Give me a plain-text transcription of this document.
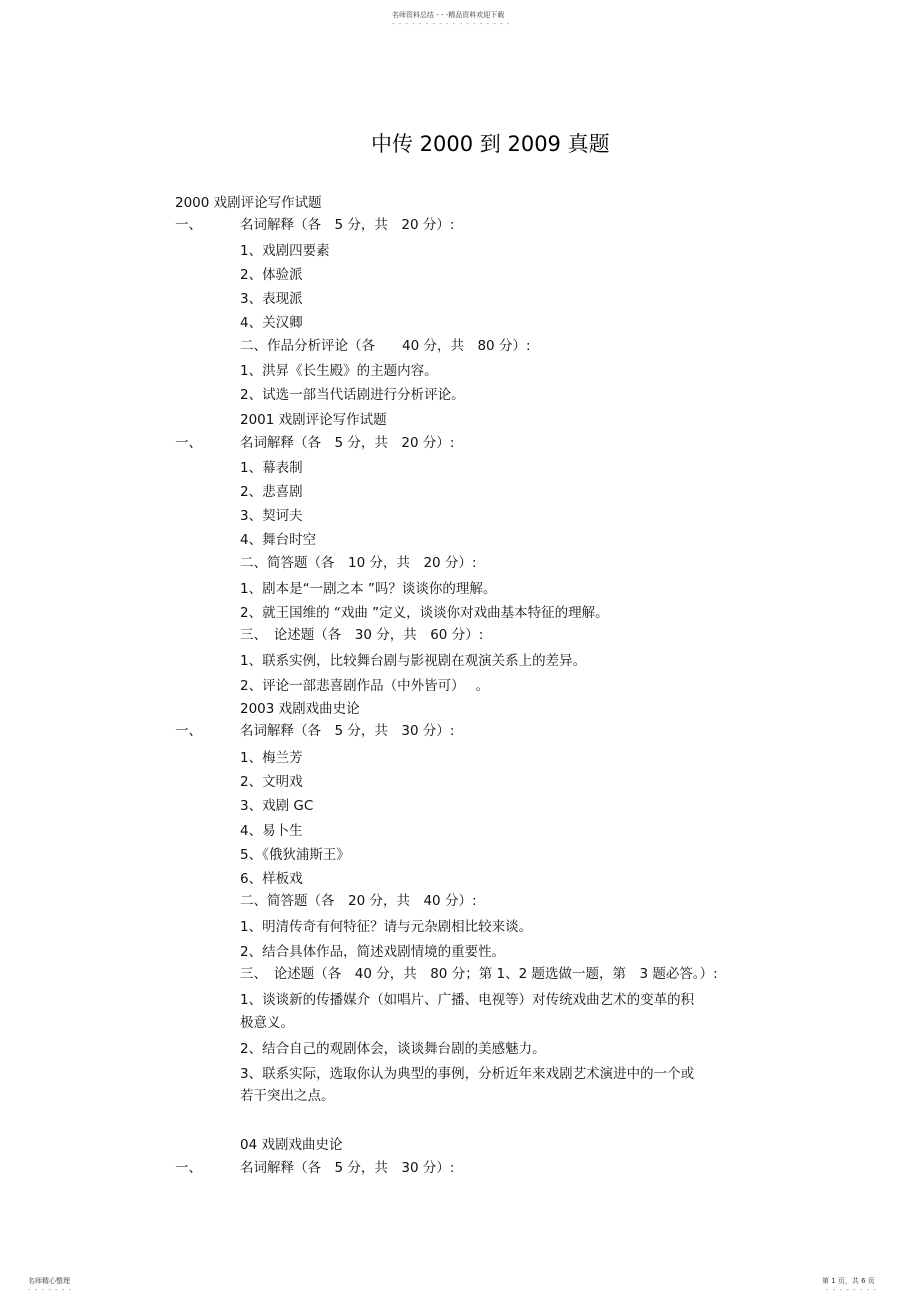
名师资料总结 - - -精品资料欢迎下载
- - - - - - - - - - - - - - - - - -
中传 2000 到 2009 真题
2000 戏剧评论写作试题
一、	名词解释（各　5 分，共　20 分）:
1、戏剧四要素
2、体验派
3、表现派
4、关汉卿
二、作品分析评论（各　　40 分，共　80 分）:
1、洪昇《长生殿》的主题内容。
2、试选一部当代话剧进行分析评论。
2001 戏剧评论写作试题
一、	名词解释（各　5 分，共　20 分）:
1、幕表制
2、悲喜剧
3、契诃夫
4、舞台时空
二、简答题（各　10 分，共　20 分）:
1、剧本是“一剧之本 ”吗？谈谈你的理解。
2、就王国维的 “戏曲 ”定义，谈谈你对戏曲基本特征的理解。
三、　论述题（各　30 分，共　60 分）:
1、联系实例，比较舞台剧与影视剧在观演关系上的差异。
2、评论一部悲喜剧作品（中外皆可）　 。
2003 戏剧戏曲史论
一、	名词解释（各　5 分，共　30 分）:
1、梅兰芳
2、文明戏
3、戏剧 GC
4、易卜生
5、《俄狄浦斯王》
6、样板戏
二、简答题（各　20 分，共　40 分）:
1、明清传奇有何特征？请与元杂剧相比较来谈。
2、结合具体作品，简述戏剧情境的重要性。
三、　论述题（各　40 分，共　80 分；第 1、2 题选做一题，第　3 题必答。）:
1、谈谈新的传播媒介（如唱片、广播、电视等）对传统戏曲艺术的变革的积
极意义。
2、结合自己的观剧体会，谈谈舞台剧的美感魅力。
3、联系实际，选取你认为典型的事例，分析近年来戏剧艺术演进中的一个或
若干突出之点。
04 戏剧戏曲史论
一、	名词解释（各　5 分，共　30 分）:
名师精心整理
- - - - - - -
第 1 页，共 6 页
- - - - - - - -
